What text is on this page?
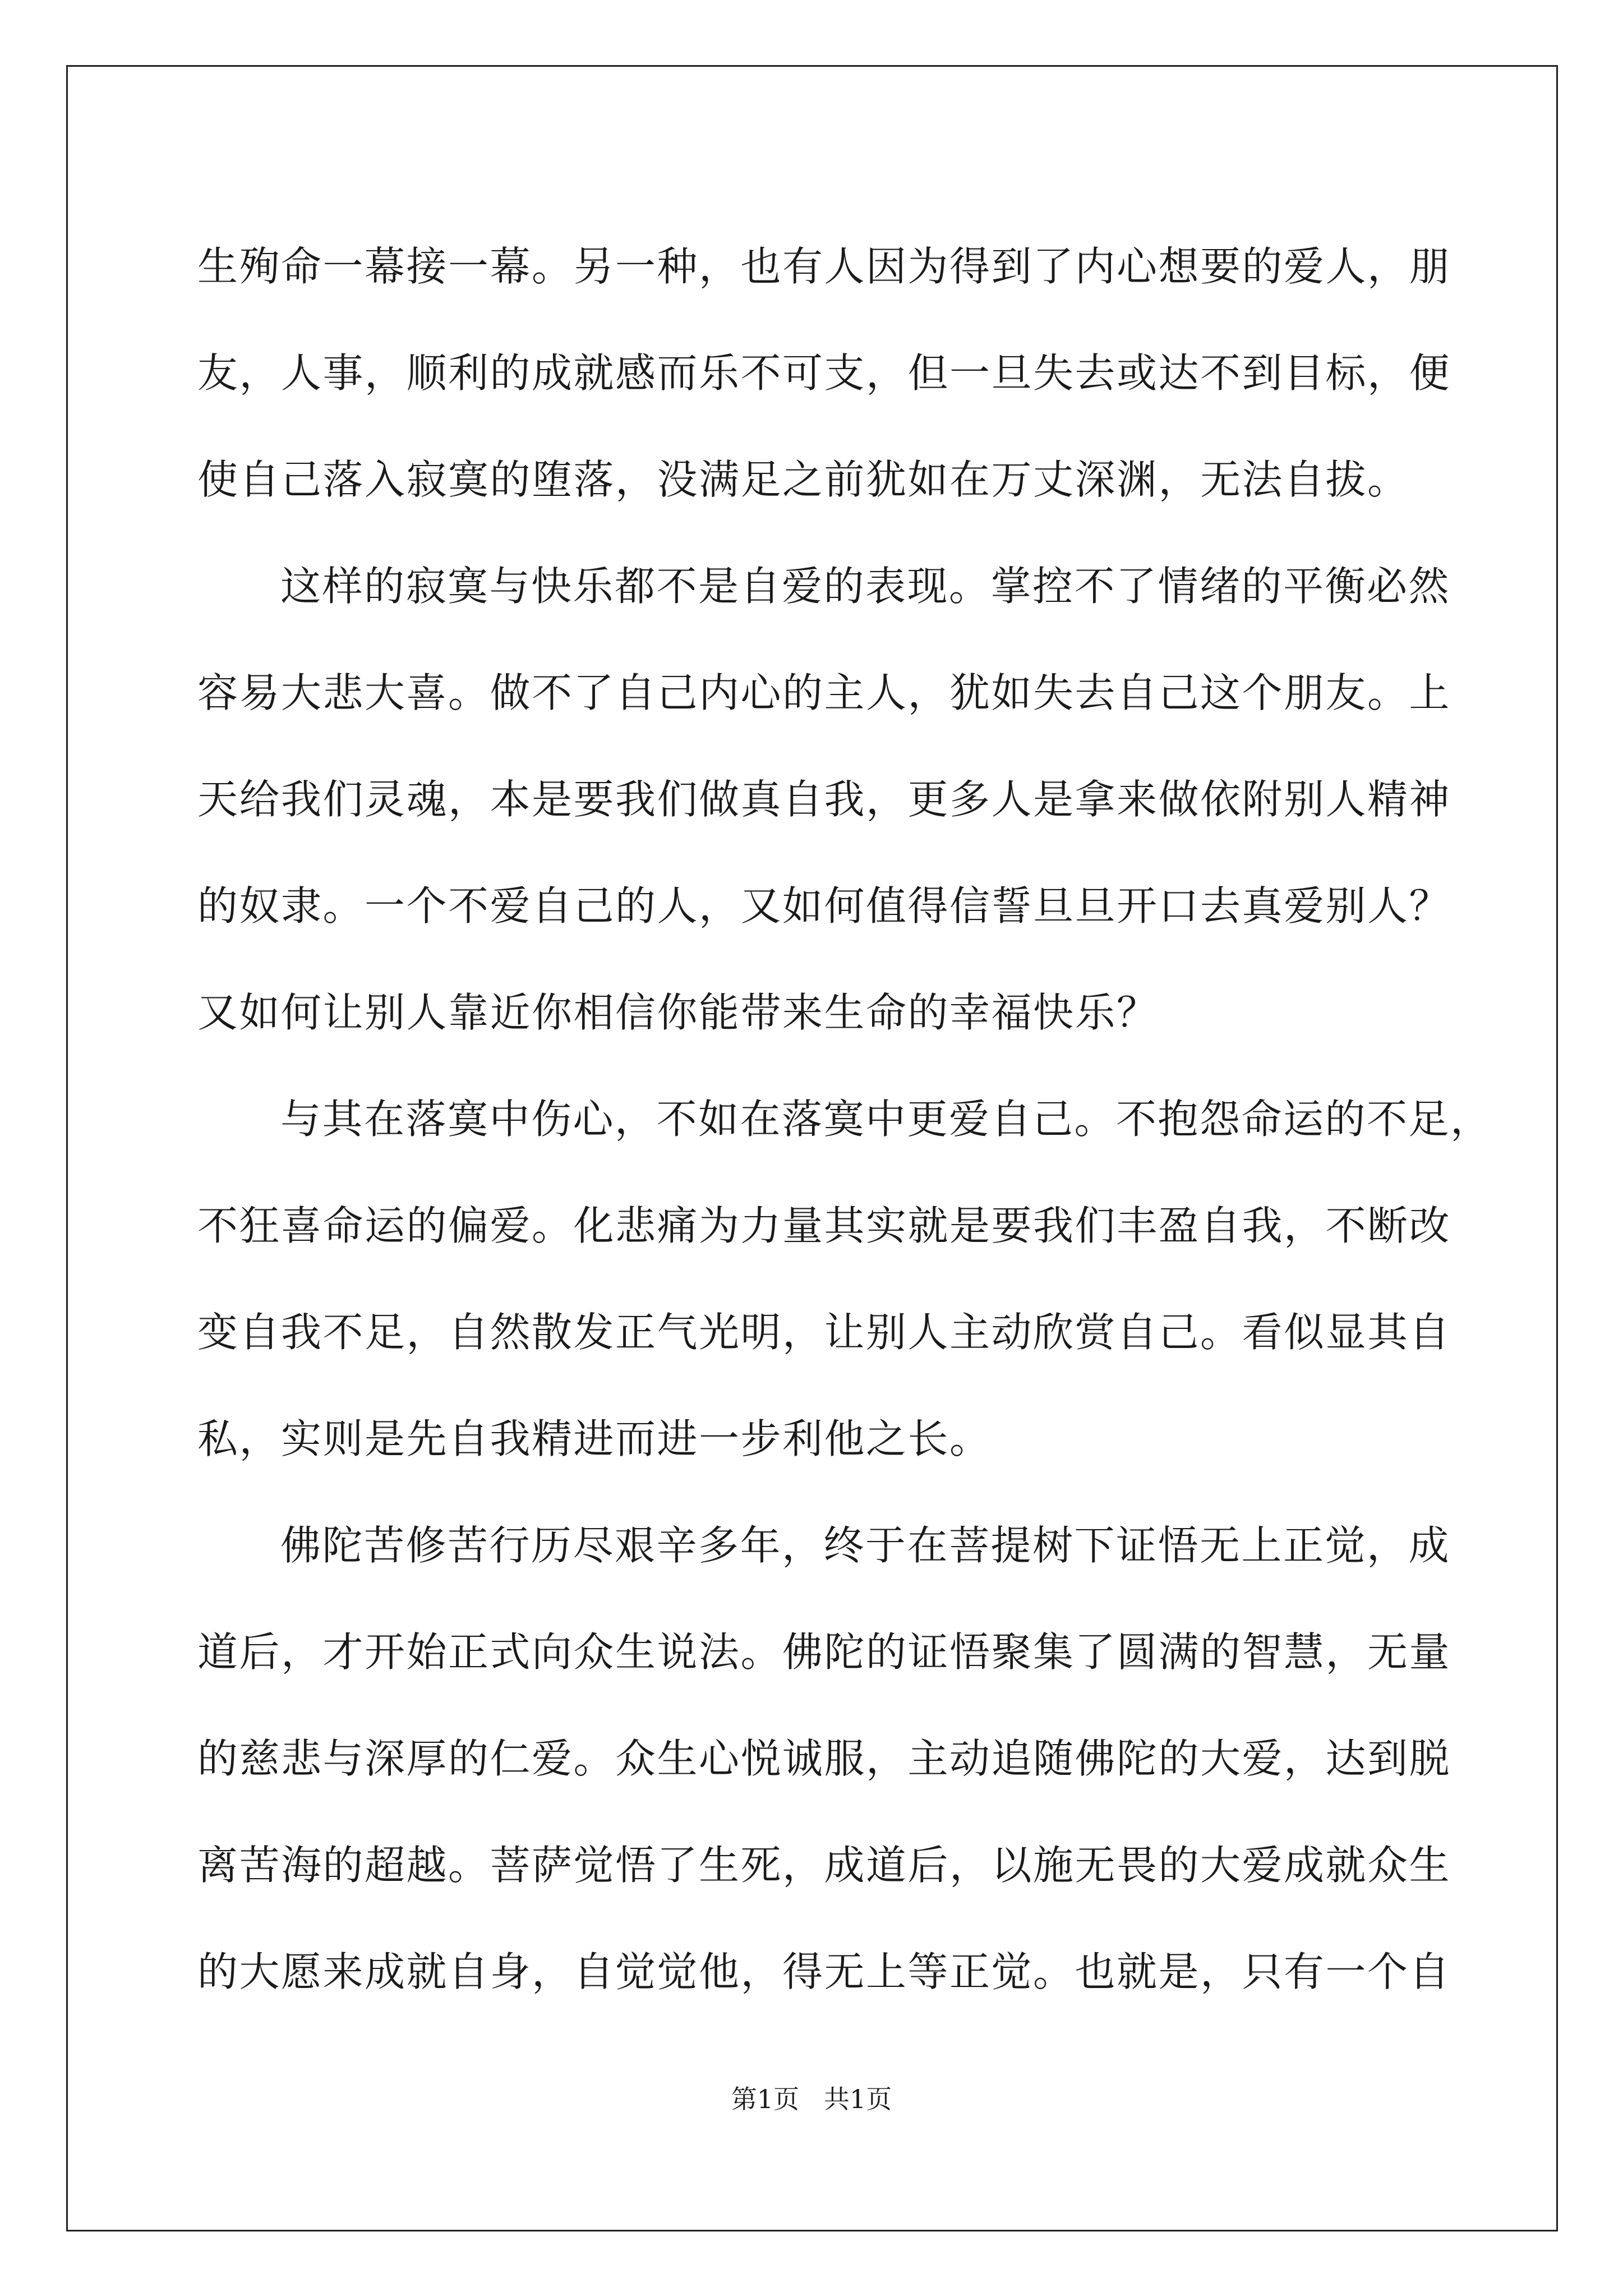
生殉命一幕接一幕。另一种，也有人因为得到了内心想要的爱人，朋
友，人事，顺利的成就感而乐不可支，但一旦失去或达不到目标，便
使自己落入寂寞的堕落，没满足之前犹如在万丈深渊，无法自拔。
这样的寂寞与快乐都不是自爱的表现。掌控不了情绪的平衡必然
容易大悲大喜。做不了自己内心的主人，犹如失去自己这个朋友。上
天给我们灵魂，本是要我们做真自我，更多人是拿来做依附别人精神
的奴隶。一个不爱自己的人，又如何值得信誓旦旦开口去真爱别人？
又如何让别人靠近你相信你能带来生命的幸福快乐？
与其在落寞中伤心，不如在落寞中更爱自己。不抱怨命运的不足，
不狂喜命运的偏爱。化悲痛为力量其实就是要我们丰盈自我，不断改
变自我不足，自然散发正气光明，让别人主动欣赏自己。看似显其自
私，实则是先自我精进而进一步利他之长。
佛陀苦修苦行历尽艰辛多年，终于在菩提树下证悟无上正觉，成
道后，才开始正式向众生说法。佛陀的证悟聚集了圆满的智慧，无量
的慈悲与深厚的仁爱。众生心悦诚服，主动追随佛陀的大爱，达到脱
离苦海的超越。菩萨觉悟了生死，成道后，以施无畏的大爱成就众生
的大愿来成就自身，自觉觉他，得无上等正觉。也就是，只有一个自
第1页   共1页
